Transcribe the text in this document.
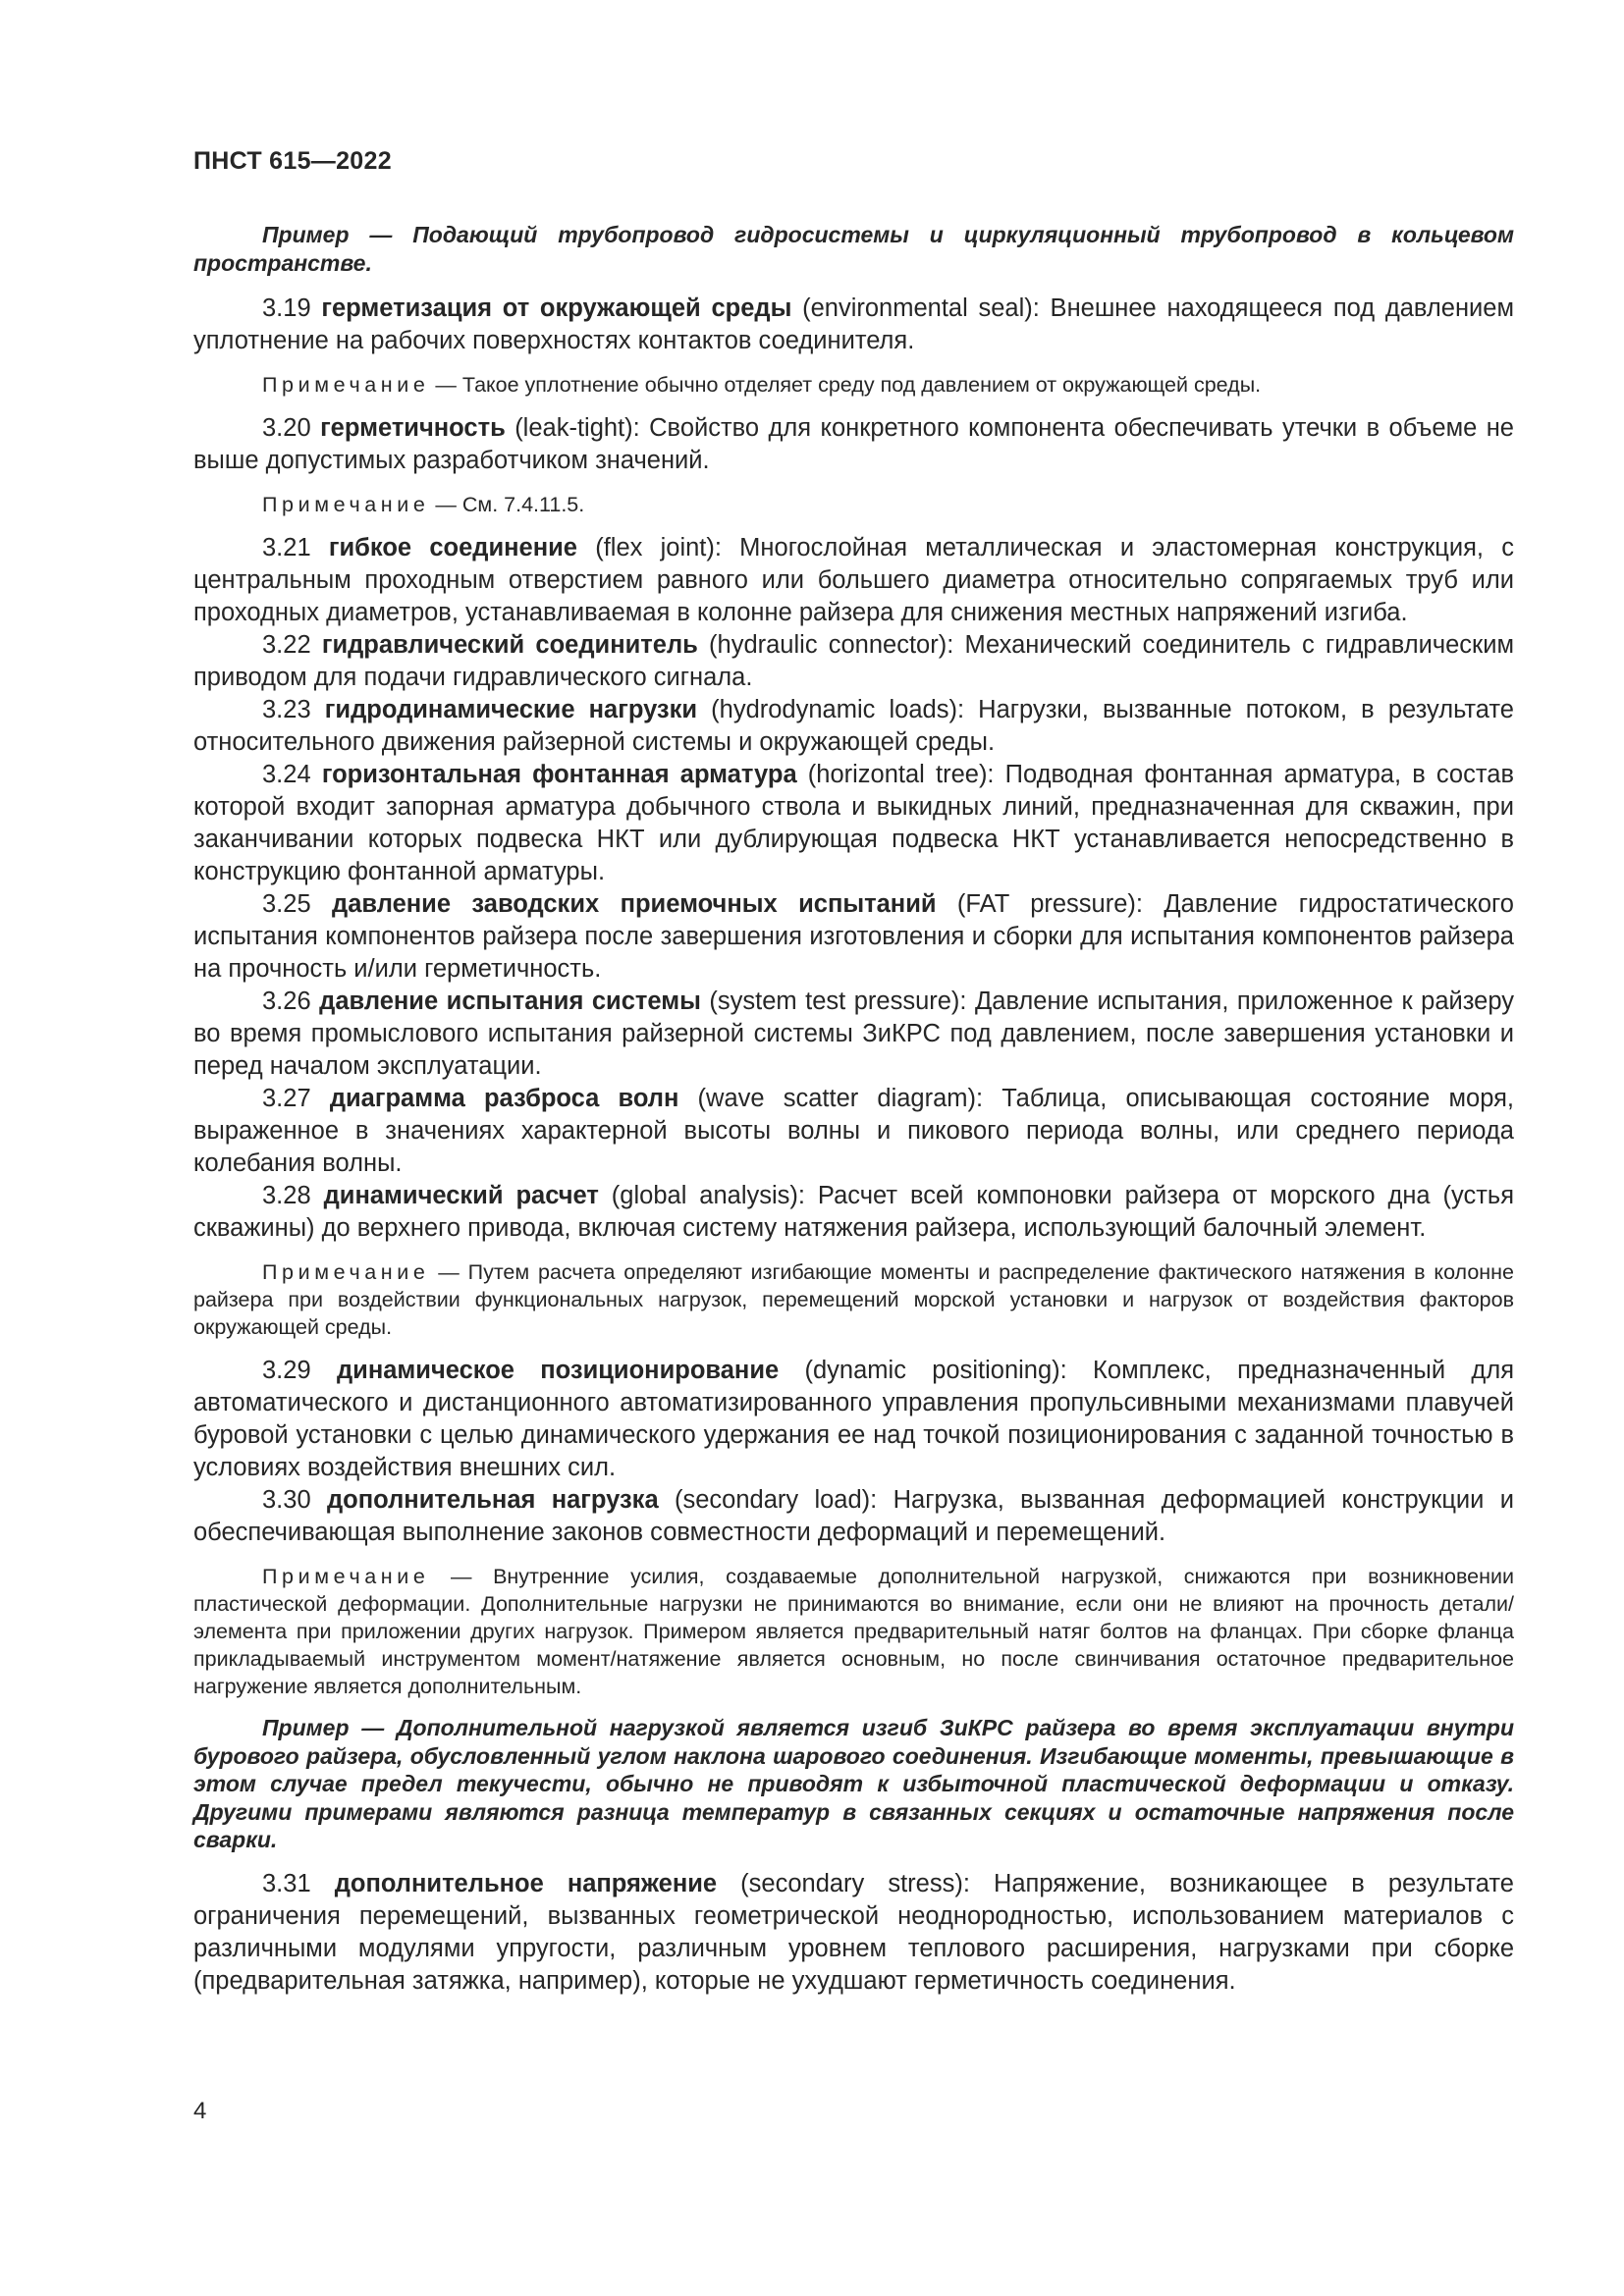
ПНСТ 615—2022

Пример — Подающий трубопровод гидросистемы и циркуляционный трубопровод в кольцевом пространстве.

3.19 герметизация от окружающей среды (environmental seal): Внешнее находящееся под давлением уплотнение на рабочих поверхностях контактов соединителя.

Примечание — Такое уплотнение обычно отделяет среду под давлением от окружающей среды.

3.20 герметичность (leak-tight): Свойство для конкретного компонента обеспечивать утечки в объеме не выше допустимых разработчиком значений.

Примечание — См. 7.4.11.5.

3.21 гибкое соединение (flex joint): Многослойная металлическая и эластомерная конструкция, с центральным проходным отверстием равного или большего диаметра относительно сопрягаемых труб или проходных диаметров, устанавливаемая в колонне райзера для снижения местных напряжений изгиба.

3.22 гидравлический соединитель (hydraulic connector): Механический соединитель с гидравлическим приводом для подачи гидравлического сигнала.

3.23 гидродинамические нагрузки (hydrodynamic loads): Нагрузки, вызванные потоком, в результате относительного движения райзерной системы и окружающей среды.

3.24 горизонтальная фонтанная арматура (horizontal tree): Подводная фонтанная арматура, в состав которой входит запорная арматура добычного ствола и выкидных линий, предназначенная для скважин, при заканчивании которых подвеска НКТ или дублирующая подвеска НКТ устанавливается непосредственно в конструкцию фонтанной арматуры.

3.25 давление заводских приемочных испытаний (FAT pressure): Давление гидростатического испытания компонентов райзера после завершения изготовления и сборки для испытания компонентов райзера на прочность и/или герметичность.

3.26 давление испытания системы (system test pressure): Давление испытания, приложенное к райзеру во время промыслового испытания райзерной системы ЗиКРС под давлением, после завершения установки и перед началом эксплуатации.

3.27 диаграмма разброса волн (wave scatter diagram): Таблица, описывающая состояние моря, выраженное в значениях характерной высоты волны и пикового периода волны, или среднего периода колебания волны.

3.28 динамический расчет (global analysis): Расчет всей компоновки райзера от морского дна (устья скважины) до верхнего привода, включая систему натяжения райзера, использующий балочный элемент.

Примечание — Путем расчета определяют изгибающие моменты и распределение фактического натяжения в колонне райзера при воздействии функциональных нагрузок, перемещений морской установки и нагрузок от воздействия факторов окружающей среды.

3.29 динамическое позиционирование (dynamic positioning): Комплекс, предназначенный для автоматического и дистанционного автоматизированного управления пропульсивными механизмами плавучей буровой установки с целью динамического удержания ее над точкой позиционирования с заданной точностью в условиях воздействия внешних сил.

3.30 дополнительная нагрузка (secondary load): Нагрузка, вызванная деформацией конструкции и обеспечивающая выполнение законов совместности деформаций и перемещений.

Примечание — Внутренние усилия, создаваемые дополнительной нагрузкой, снижаются при возникновении пластической деформации. Дополнительные нагрузки не принимаются во внимание, если они не влияют на прочность детали/элемента при приложении других нагрузок. Примером является предварительный натяг болтов на фланцах. При сборке фланца прикладываемый инструментом момент/натяжение является основным, но после свинчивания остаточное предварительное нагружение является дополнительным.

Пример — Дополнительной нагрузкой является изгиб ЗиКРС райзера во время эксплуатации внутри бурового райзера, обусловленный углом наклона шарового соединения. Изгибающие моменты, превышающие в этом случае предел текучести, обычно не приводят к избыточной пластической деформации и отказу. Другими примерами являются разница температур в связанных секциях и остаточные напряжения после сварки.

3.31 дополнительное напряжение (secondary stress): Напряжение, возникающее в результате ограничения перемещений, вызванных геометрической неоднородностью, использованием материалов с различными модулями упругости, различным уровнем теплового расширения, нагрузками при сборке (предварительная затяжка, например), которые не ухудшают герметичность соединения.

4
